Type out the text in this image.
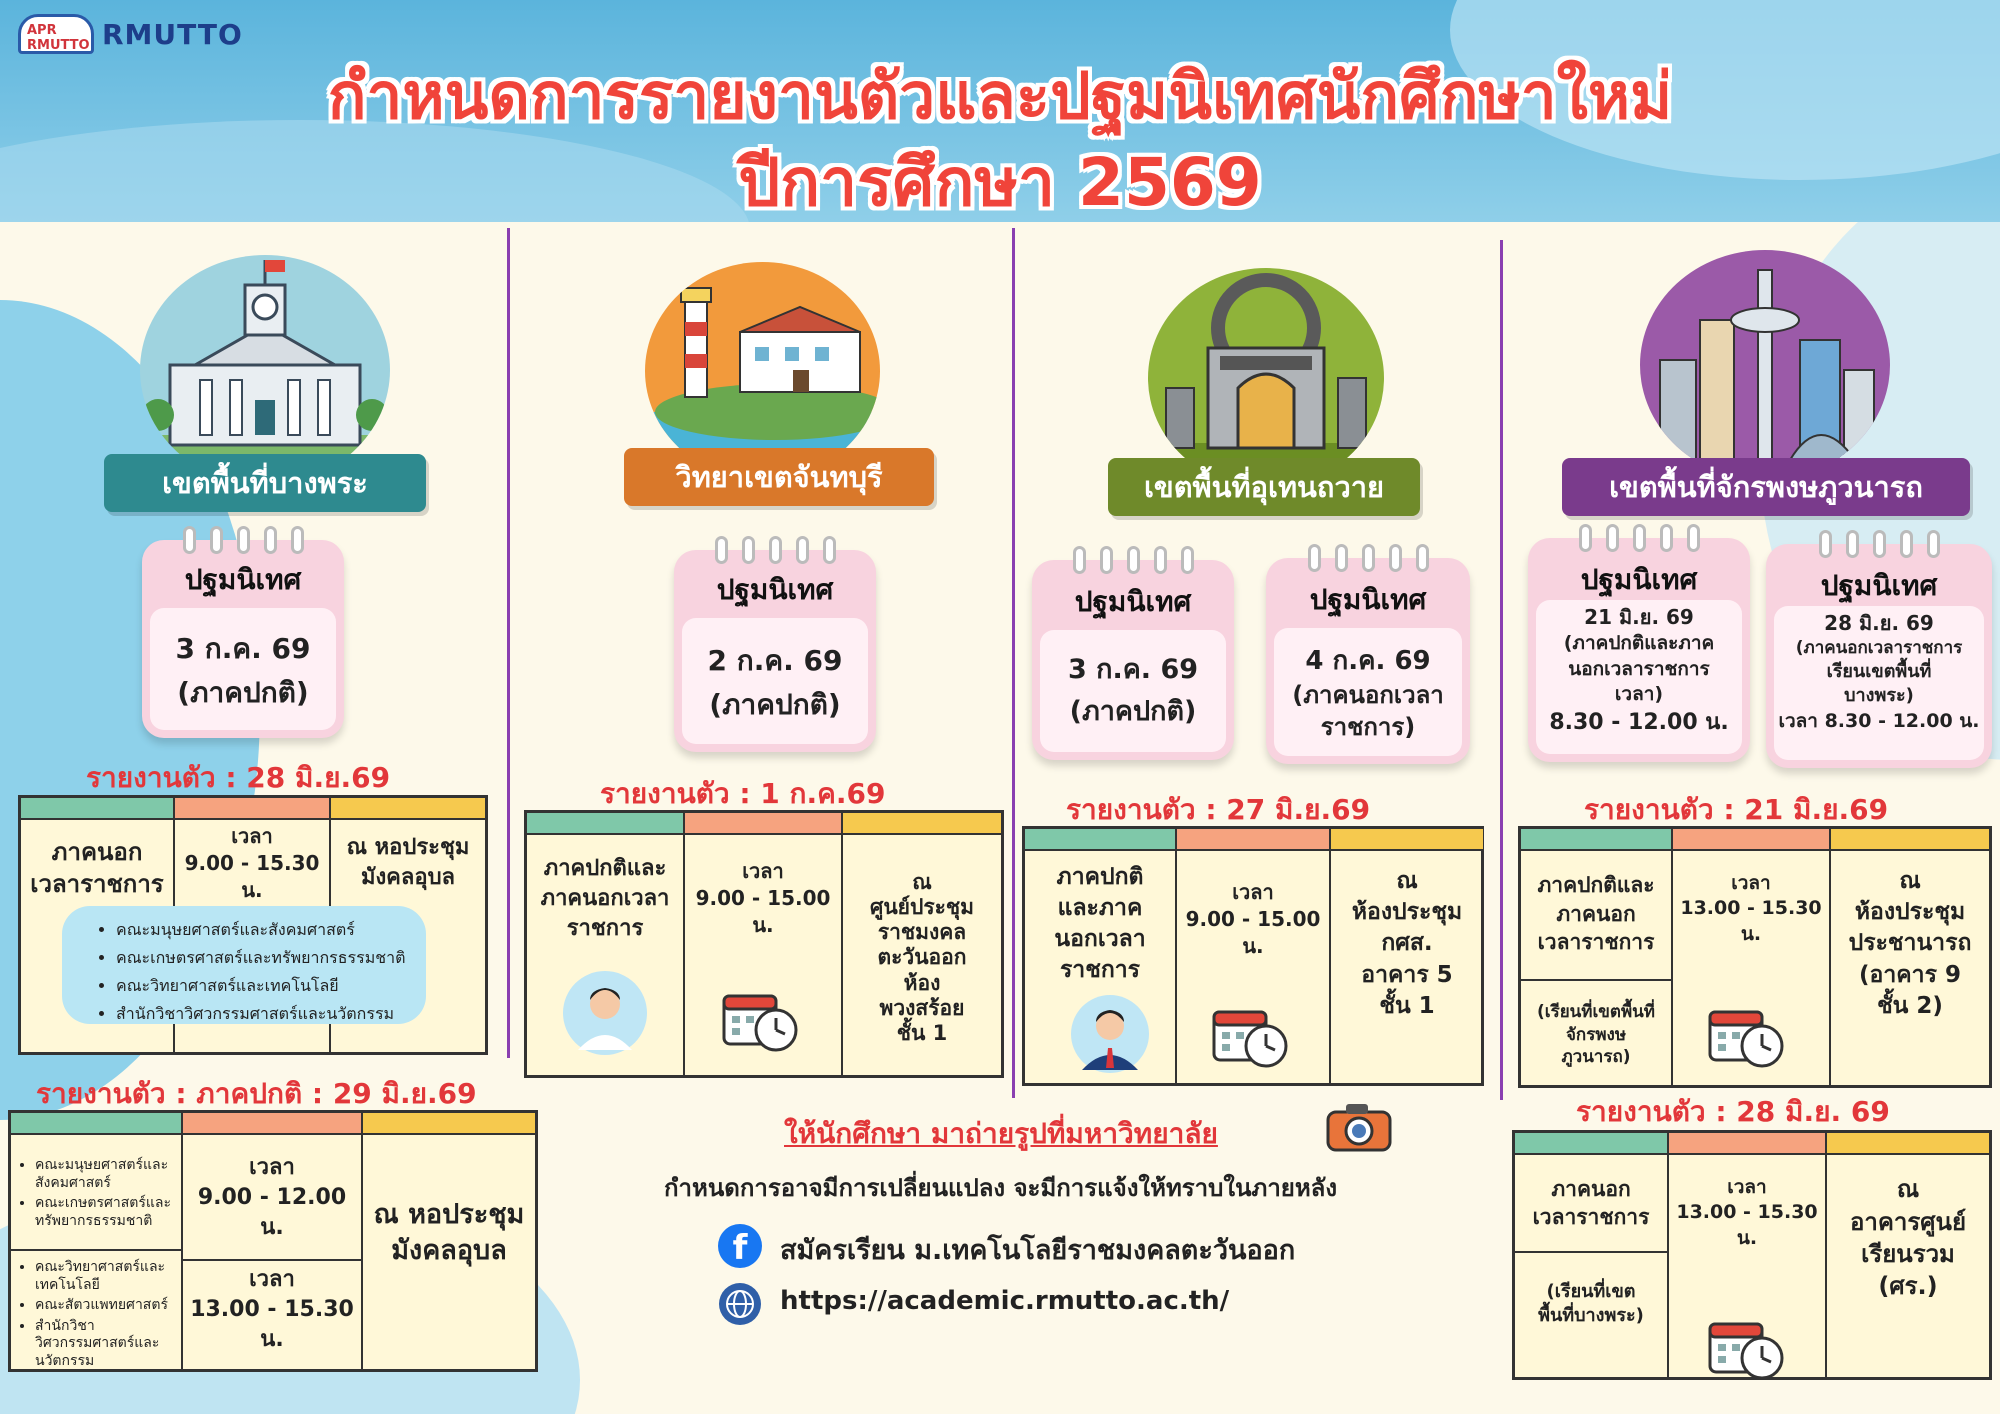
APR RMUTTO RMUTTO
กำหนดการรายงานตัวและปฐมนิเทศนักศึกษาใหม่
ปีการศึกษา 2569
เขตพื้นที่บางพระ
ปฐมนิเทศ
3 ก.ค. 69
(ภาคปกติ)
รายงานตัว : 28 มิ.ย.69
ภาคนอก
เวลาราชการ
เวลา
9.00 - 15.30 น.
ณ หอประชุม
มังคลอุบล
• คณะมนุษยศาสตร์และสังคมศาสตร์
• คณะเกษตรศาสตร์และทรัพยากรธรรมชาติ
• คณะวิทยาศาสตร์และเทคโนโลยี
• สำนักวิชาวิศวกรรมศาสตร์และนวัตกรรม
รายงานตัว : ภาคปกติ : 29 มิ.ย.69
• คณะมนุษยศาสตร์และสังคมศาสตร์
• คณะเกษตรศาสตร์และทรัพยากรธรรมชาติ
• คณะวิทยาศาสตร์และเทคโนโลยี
• คณะสัตวแพทยศาสตร์
• สำนักวิชาวิศวกรรมศาสตร์และนวัตกรรม
เวลา
9.00 - 12.00 น.
เวลา
13.00 - 15.30 น.
ณ หอประชุม
มังคลอุบล
วิทยาเขตจันทบุรี
ปฐมนิเทศ
2 ก.ค. 69
(ภาคปกติ)
รายงานตัว : 1 ก.ค.69
ภาคปกติและ
ภาคนอกเวลา
ราชการ
เวลา
9.00 - 15.00 น.
ณ
ศูนย์ประชุม
ราชมงคล
ตะวันออก
ห้อง
พวงสร้อย
ชั้น 1
เขตพื้นที่อุเทนถวาย
ปฐมนิเทศ
3 ก.ค. 69
(ภาคปกติ)
ปฐมนิเทศ
4 ก.ค. 69
(ภาคนอกเวลา
ราชการ)
รายงานตัว : 27 มิ.ย.69
ภาคปกติ
และภาค
นอกเวลา
ราชการ
เวลา
9.00 - 15.00 น.
ณ
ห้องประชุม
กศส.
อาคาร 5
ชั้น 1
เขตพื้นที่จักรพงษภูวนารถ
ปฐมนิเทศ
21 มิ.ย. 69
(ภาคปกติและภาค
นอกเวลาราชการ
เวลา)
8.30 - 12.00 น.
ปฐมนิเทศ
28 มิ.ย. 69
(ภาคนอกเวลาราชการ
เรียนเขตพื้นที่
บางพระ)
เวลา 8.30 - 12.00 น.
รายงานตัว : 21 มิ.ย.69
ภาคปกติและ
ภาคนอก
เวลาราชการ
(เรียนที่เขตพื้นที่
จักรพงษ
ภูวนารถ)
เวลา
13.00 - 15.30 น.
ณ
ห้องประชุม
ประชานารถ
(อาคาร 9
ชั้น 2)
รายงานตัว : 28 มิ.ย. 69
ภาคนอก
เวลาราชการ
(เรียนที่เขต
พื้นที่บางพระ)
เวลา
13.00 - 15.30 น.
ณ
อาคารศูนย์
เรียนรวม
(ศร.)
ให้นักศึกษา มาถ่ายรูปที่มหาวิทยาลัย
กำหนดการอาจมีการเปลี่ยนแปลง จะมีการแจ้งให้ทราบในภายหลัง
f	สมัครเรียน ม.เทคโนโลยีราชมงคลตะวันออก
https://academic.rmutto.ac.th/
